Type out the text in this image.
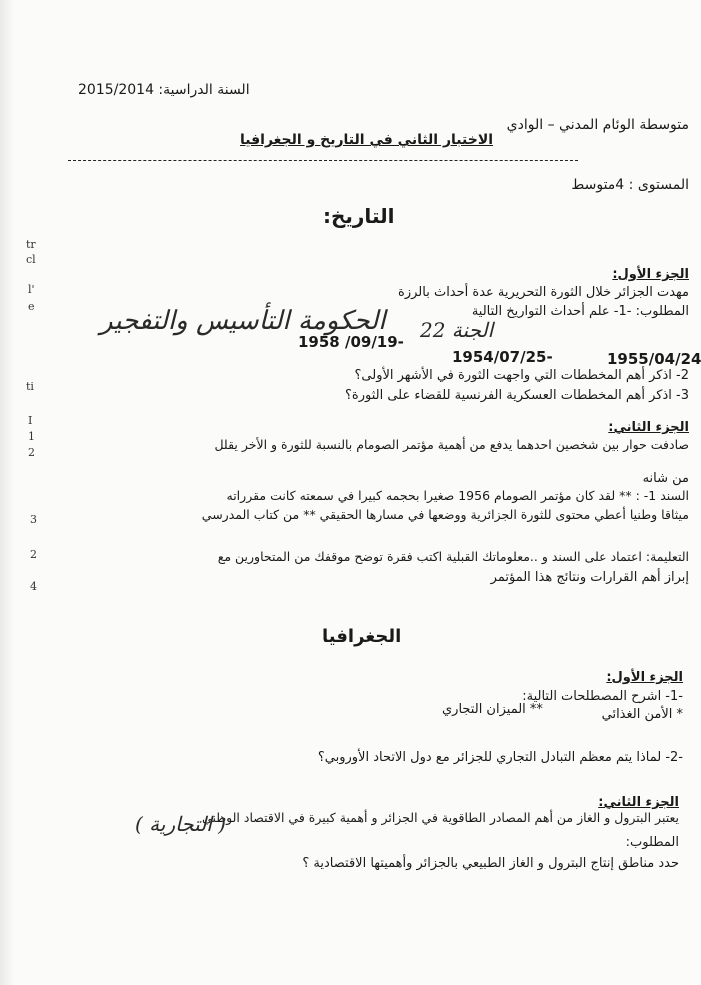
tr
cl
l'
e
ti
I
1
2
3
2
4
السنة الدراسية: 2015/2014
متوسطة الوئام المدني – الوادي
الاختبار الثاني في التاريخ و الجغرافيا
المستوى : 4متوسط
التاريخ:
الجزء الأول:
مهدت الجزائر خلال الثورة التحريرية عدة أحداث بالرزة
المطلوب: -1- علم أحداث التواريخ التالية
الحكومة التأسيس والتفجير الجنة 22
1958 /09/19-
1954/07/25-	1955/04/24
2- اذكر أهم المخططات التي واجهت الثورة في الأشهر الأولى؟
3- اذكر أهم المخططات العسكرية الفرنسية للقضاء على الثورة؟
الجزء الثاني:
صادفت حوار بين شخصين احدهما يدفع من أهمية مؤتمر الصومام بالنسبة للثورة و الأخر يقلل
من شانه
السند 1- : ** لقد كان مؤتمر الصومام 1956 صغيرا بحجمه كبيرا في سمعته كانت مقرراته
ميثاقا وطنيا أعطي محتوى للثورة الجزائرية ووضعها في مسارها الحقيقي ** من كتاب المدرسي
التعليمة: اعتماد على السند و ..معلوماتك القبلية اكتب فقرة توضح موقفك من المتحاورين مع
إبراز أهم القرارات ونتائج هذا المؤتمر
الجغرافيا
الجزء الأول:
-1- اشرح المصطلحات التالية:
* الأمن الغذائي
** الميزان التجاري
-2- لماذا يتم معظم التبادل التجاري للجزائر مع دول الاتحاد الأوروبي؟
الجزء الثاني:
يعتبر البترول و الغاز من أهم المصادر الطاقوية في الجزائر و أهمية كبيرة في الاقتصاد الوطني
المطلوب:
( التجارية )
حدد مناطق إنتاج البترول و الغاز الطبيعي بالجزائر وأهميتها الاقتصادية ؟
